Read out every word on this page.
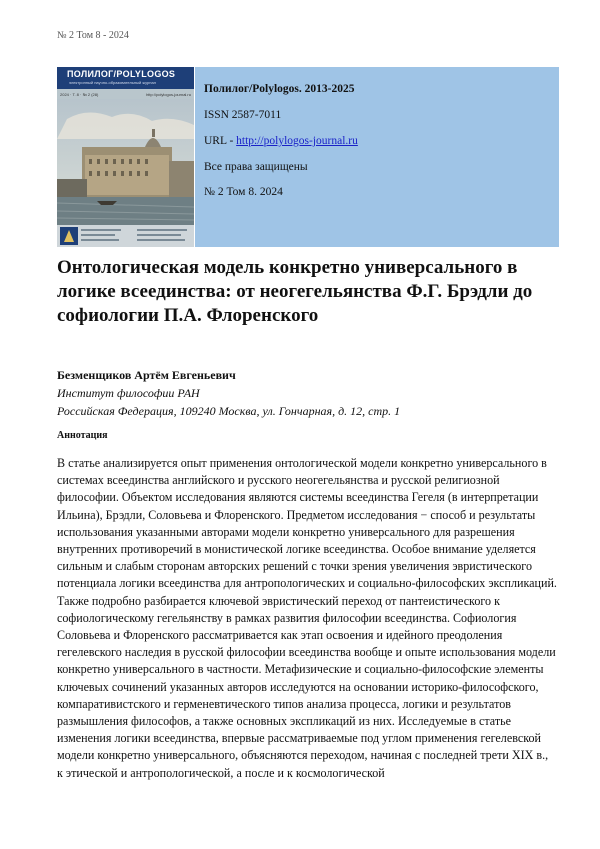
№ 2 Том 8 - 2024
ПОЛИЛОГ/POLYLOGOS
электронный научно-образовательный журнал
2024 · Т. 8 · № 2 (28)	http://polylogos-journal.ru Полилог/Polylogos. 2013-2025
ISSN 2587-7011
URL - http://polylogos-journal.ru
Все права защищены
№ 2 Том 8. 2024
Онтологическая модель конкретно универсального в логике всеединства: от неогегельянства Ф.Г. Брэдли до софиологии П.А. Флоренского
Безменщиков Артём Евгеньевич
Институт философии РАН
Российская Федерация, 109240 Москва, ул. Гончарная, д. 12, стр. 1
Аннотация

В статье анализируется опыт применения онтологической модели конкретно универсального в системах всеединства английского и русского неогегельянства и русской религиозной философии. Объектом исследования являются системы всеединства Гегеля (в интерпретации Ильина), Брэдли, Соловьева и Флоренского. Предметом исследования − способ и результаты использования указанными авторами модели конкретно универсального для разрешения внутренних противоречий в монистической логике всеединства. Особое внимание уделяется сильным и слабым сторонам авторских решений с точки зрения увеличения эвристического потенциала логики всеединства для антропологических и социально-философских экспликаций. Также подробно разбирается ключевой эвристический переход от пантеистического к софиологическому гегельянству в рамках развития философии всеединства. Софиология Соловьева и Флоренского рассматривается как этап освоения и идейного преодоления гегелевского наследия в русской философии всеединства вообще и опыте использования модели конкретно универсального в частности. Метафизические и социально-философские элементы ключевых сочинений указанных авторов исследуются на основании историко-философского, компаративистского и герменевтического типов анализа процесса, логики и результатов размышления философов, а также основных экспликаций из них. Исследуемые в статье изменения логики всеединства, впервые рассматриваемые под углом применения гегелевской модели конкретно универсального, объясняются переходом, начиная с последней трети XIX в., к этической и антропологической, а после и к космологической
